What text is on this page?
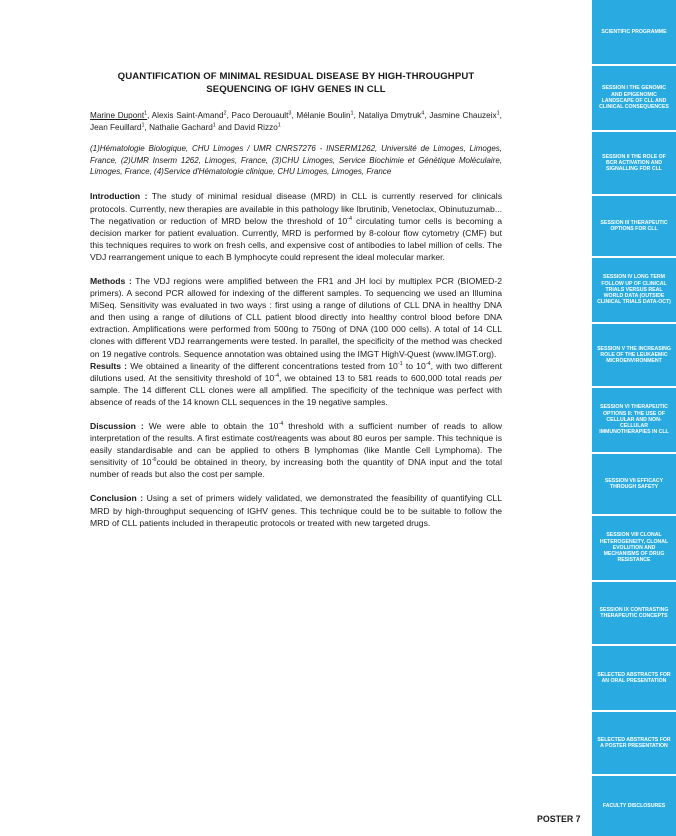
QUANTIFICATION OF MINIMAL RESIDUAL DISEASE BY HIGH-THROUGHPUT
SEQUENCING OF IGHV GENES IN CLL
Marine Dupont$^1$, Alexis Saint-Amand$^2$, Paco Derouault$^3$, Mélanie Boulin$^1$, Nataliya Dmytruk$^4$, Jasmine Chauzeix$^1$, Jean Feuillard$^1$, Nathalie Gachard$^1$ and David Rizzo$^1$
(1)Hématologie Biologique, CHU Limoges / UMR CNRS7276 - INSERM1262, Université de Limoges, Limoges, France, (2)UMR Inserm 1262, Limoges, France, (3)CHU Limoges, Service Biochimie et Génétique Moléculaire, Limoges, France, (4)Service d'Hématologie clinique, CHU Limoges, Limoges, France

Introduction : The study of minimal residual disease (MRD) in CLL is currently reserved for clinicals protocols. Currently, new therapies are available in this pathology like Ibrutinib, Venetoclax, Obinutuzumab... The negativation or reduction of MRD below the threshold of $10^{-4}$ circulating tumor cells is becoming a decision marker for patient evaluation. Currently, MRD is performed by 8-colour flow cytometry (CMF) but this techniques requires to work on fresh cells, and expensive cost of antibodies to label million of cells. The VDJ rearrangement unique to each B lymphocyte could represent the ideal molecular marker.

Methods : The VDJ regions were amplified between the FR1 and JH loci by multiplex PCR (BIOMED-2 primers). A second PCR allowed for indexing of the different samples. To sequencing we used an Illumina MiSeq. Sensitivity was evaluated in two ways : first using a range of dilutions of CLL DNA in healthy DNA and then using a range of dilutions of CLL patient blood directly into healthy control blood before DNA extraction. Amplifications were performed from 500ng to 750ng of DNA (100 000 cells). A total of 14 CLL clones with different VDJ rearrangements were tested. In parallel, the specificity of the method was checked on 19 negative controls. Sequence annotation was obtained using the IMGT HighV-Quest (www.IMGT.org).

Results : We obtained a linearity of the different concentrations tested from $10^{-1}$ to $10^{-4}$, with two different dilutions used. At the sensitivity threshold of $10^{-4}$, we obtained 13 to 581 reads to 600,000 total reads per sample. The 14 different CLL clones were all amplified. The specificity of the technique was perfect with absence of reads of the 14 known CLL sequences in the 19 negative samples.

Discussion : We were able to obtain the $10^{-4}$ threshold with a sufficient number of reads to allow interpretation of the results. A first estimate cost/reagents was about 80 euros per sample. This technique is easily standardisable and can be applied to others B lymphomas (like Mantle Cell Lymphoma). The sensitivity of $10^{-6}could$ be obtained in theory, by increasing both the quantity of DNA input and the total number of reads but also the cost per sample.

Conclusion : Using a set of primers widely validated, we demonstrated the feasibility of quantifying CLL MRD by high-throughput sequencing of IGHV genes. This technique could be to be suitable to follow the MRD of CLL patients included in therapeutic protocols or treated with new targeted drugs.

POSTER 7
SCIENTIFIC PROGRAMME
SESSION I THE GENOMIC AND EPIGENOMIC LANDSCAPE OF CLL AND CLINICAL CONSEQUENCES
SESSION II THE ROLE OF BCR ACTIVATION AND SIGNALLING FOR CLL
SESSION III THERAPEUTIC OPTIONS FOR CLL
SESSION IV LONG TERM FOLLOW UP OF CLINICAL TRIALS VERSUS REAL WORLD DATA (OUTSIDE CLINICAL TRIALS DATA-OCT)
SESSION V THE INCREASING ROLE OF THE LEUKAEMIC MICROENVIRONMENT
SESSION VI THERAPEUTIC OPTIONS II: THE USE OF CELLULAR AND NON-CELLULAR IMMUNOTHERAPIES IN CLL
SESSION VII EFFICACY THROUGH SAFETY
SESSION VIII CLONAL HETEROGENEITY, CLONAL EVOLUTION AND MECHANISMS OF DRUG RESISTANCE
SESSION IX CONTRASTING THERAPEUTIC CONCEPTS
SELECTED ABSTRACTS FOR AN ORAL PRESENTATION
SELECTED ABSTRACTS FOR A POSTER PRESENTATION
FACULTY DISCLOSURES
